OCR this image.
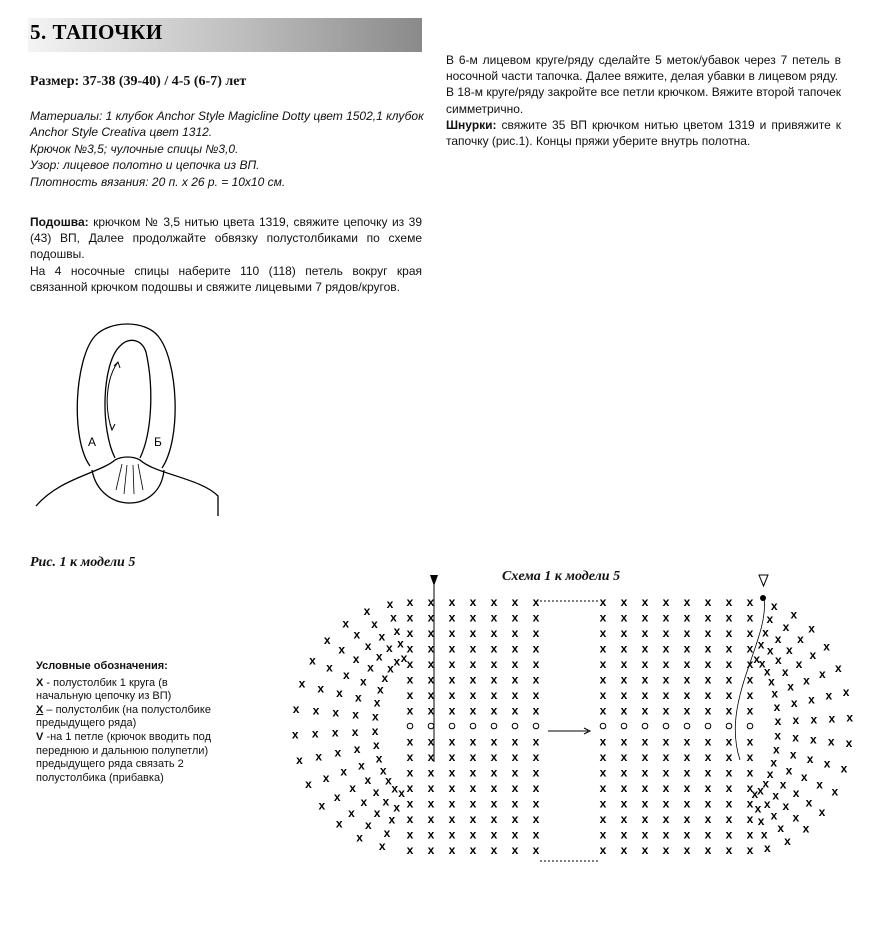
5. ТАПОЧКИ
Размер: 37-38 (39-40) / 4-5 (6-7) лет
Материалы: 1 клубок Anchor Style Magicline Dotty цвет 1502,1 клубок
Anchor Style Creativa цвет 1312.
Крючок №3,5; чулочные спицы №3,0.
Узор: лицевое полотно и цепочка из ВП.
Плотность вязания: 20 п. х 26 р. = 10х10 см.
Подошва: крючком № 3,5 нитью цвета 1319, свяжите цепочку из 39 (43) ВП, Далее продолжайте обвязку полустолбиками по схеме подошвы.
На 4 носочные спицы наберите 110 (118) петель вокруг края связанной крючком подошвы и свяжите лицевыми 7 рядов/кругов.
В 6-м лицевом круге/ряду сделайте 5 меток/убавок через 7 петель в носочной части тапочка. Далее вяжите, делая убавки в лицевом ряду.
В 18-м круге/ряду закройте все петли крючком. Вяжите второй тапочек симметрично.
Шнурки: свяжите 35 ВП крючком нитью цветом 1319 и привяжите к тапочку (рис.1). Концы пряжи уберите внутрь полотна.
А	Б
Рис. 1 к модели 5
Схема 1 к модели 5
Условные обозначения:
Х - полустолбик 1 круга (в начальную цепочку из ВП)
Х – полустолбик (на полустолбике предыдущего ряда)
V -на 1 петле (крючок вводить под переднюю и дальнюю полупетли) предыдущего ряда связать 2 полустолбика (прибавка)
x x x x x x x	x x x x x x x x
x x x x x x x	x x x x x x x x
x x x x x x x	x x x x x x x x
x x x x x x x	x x x x x x x x
x x x x x x x	x x x x x x x x
x x x x x x x	x x x x x x x x
x x x x x x x	x x x x x x x x
x x x x x x x	x x x x x x x x
x x x x x x x	x x x x x x x x
x x x x x x x	x x x x x x x x
x x x x x x x	x x x x x x x x
x x x x x x x	x x x x x x x x
x x x x x x x	x x x x x x x x
x x x x x x x	x x x x x x x x
x x x x x x x	x x x x x x x x
x x x x x x x	x x x x x x x x
x
x
x
x
x
x
x
x
x
x
x
x
x
x
x
x
x
x
x
x
x
x
x
x
x
x
x
x
x
x
x
x
x
x
x
x
x
x
x
x
x x
x
x
x
x
x
x
x
x
x
x
x
x
x x
x
x
x
x
x
x
x
x
x
x
x
x
x x
x
x
x
x
x
x
x
x
x
x
x
x
x
x
x x
x
x
x
x
x
x
x
x
x
x
x
x
x x
x
x
x
x
x
x
x
x
x
x
x
x
x x
x
x
x
x
x
x
x
x
x
x
x
x
x
x
x
x
x
x
x
x
x
x
x
x
x
x
